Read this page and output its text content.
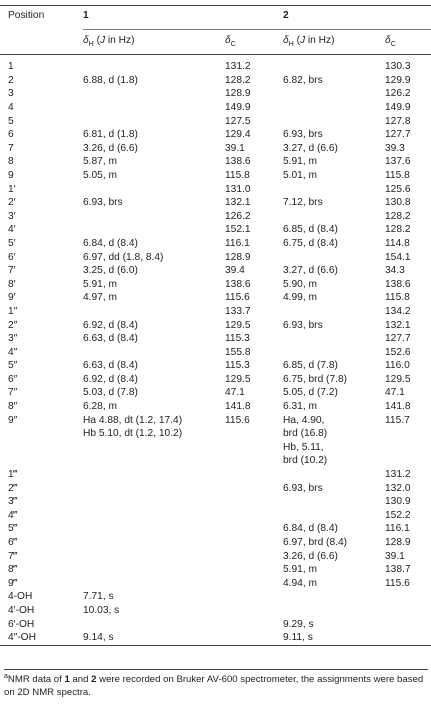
Position	1		2	
	$\delta_H$ (J in Hz)	$\delta_C$	$\delta_H$ (J in Hz)	$\delta_C$
1		131.2		130.3
2	6.88, d (1.8)	128.2	6.82, brs	129.9
3		128.9		126.2
4		149.9		149.9
5		127.5		127.8
6	6.81, d (1.8)	129.4	6.93, brs	127.7
7	3.26, d (6.6)	39.1	3.27, d (6.6)	39.3
8	5.87, m	138.6	5.91, m	137.6
9	5.05, m	115.8	5.01, m	115.8
1′		131.0		125.6
2′	6.93, brs	132.1	7.12, brs	130.8
3′		126.2		128.2
4′		152.1	6.85, d (8.4)	128.2
5′	6.84, d (8.4)	116.1	6.75, d (8.4)	114.8
6′	6.97, dd (1.8, 8.4)	128.9		154.1
7′	3.25, d (6.0)	39.4	3.27, d (6.6)	34.3
8′	5.91, m	138.6	5.90, m	138.6
9′	4.97, m	115.6	4.99, m	115.8
1″		133.7		134.2
2″	6.92, d (8.4)	129.5	6.93, brs	132.1
3″	6.63, d (8.4)	115.3		127.7
4″		155.8		152.6
5″	6.63, d (8.4)	115.3	6.85, d (7.8)	116.0
6″	6.92, d (8.4)	129.5	6.75, brd (7.8)	129.5
7″	5.03, d (7.8)	47.1	5.05, d (7.2)	47.1
8″	6.28, m	141.8	6.31, m	141.8
9″	Ha 4.88, dt (1.2, 17.4)	115.6	Ha, 4.90,	115.7
	Hb 5.10, dt (1.2, 10.2)		brd (16.8)	
			Hb, 5.11,	
			brd (10.2)	

1‴				131.2
2‴			6.93, brs	132.0
3‴				130.9
4‴				152.2
5‴			6.84, d (8.4)	116.1
6‴			6.97, brd (8.4)	128.9
7‴			3.26, d (6.6)	39.1
8‴			5.91, m	138.7
9‴			4.94, m	115.6
4-OH	7.71, s			
4′-OH	10.03, s			
6′-OH			9.29, s	
4″-OH	9.14, s		9.11, s	
$^a$NMR data of 1 and 2 were recorded on Bruker AV-600 spectrometer, the assignments were based on 2D NMR spectra.
